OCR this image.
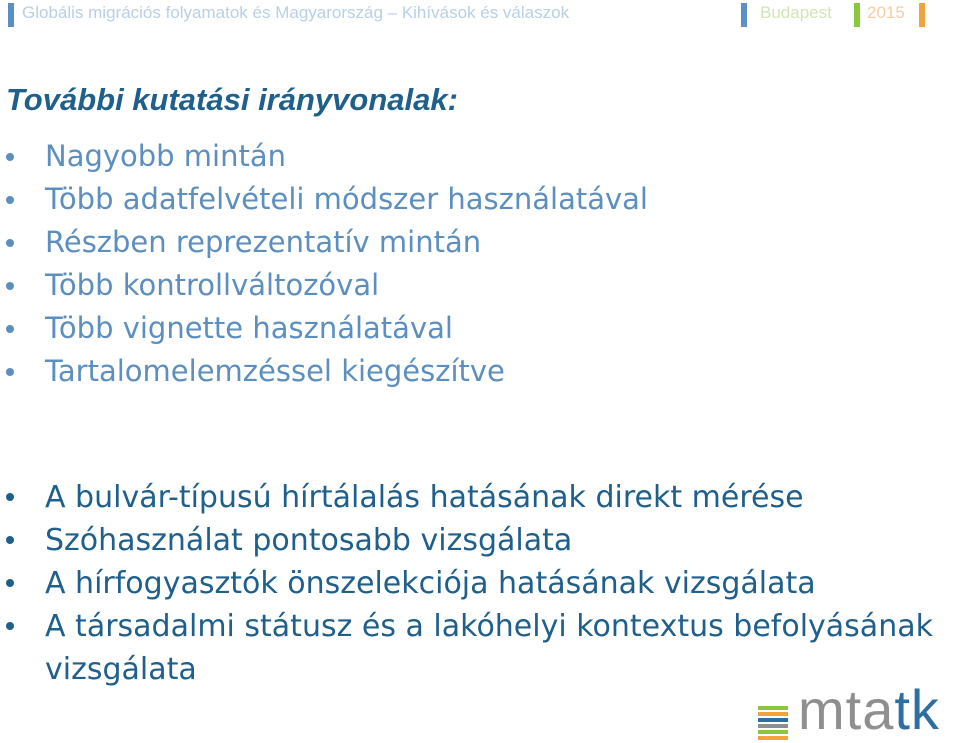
Globális migrációs folyamatok és Magyarország – Kihívások és válaszok	Budapest 2015
További kutatási irányvonalak:
Nagyobb mintán
Több adatfelvételi módszer használatával
Részben reprezentatív mintán
Több kontrollváltozóval
Több vignette használatával
Tartalomelemzéssel kiegészítve
A bulvár-típusú hírtálalás hatásának direkt mérése
Szóhasználat pontosabb vizsgálata
A hírfogyasztók önszelekciója hatásának vizsgálata
A társadalmi státusz és a lakóhelyi kontextus befolyásának vizsgálata
mtatk
